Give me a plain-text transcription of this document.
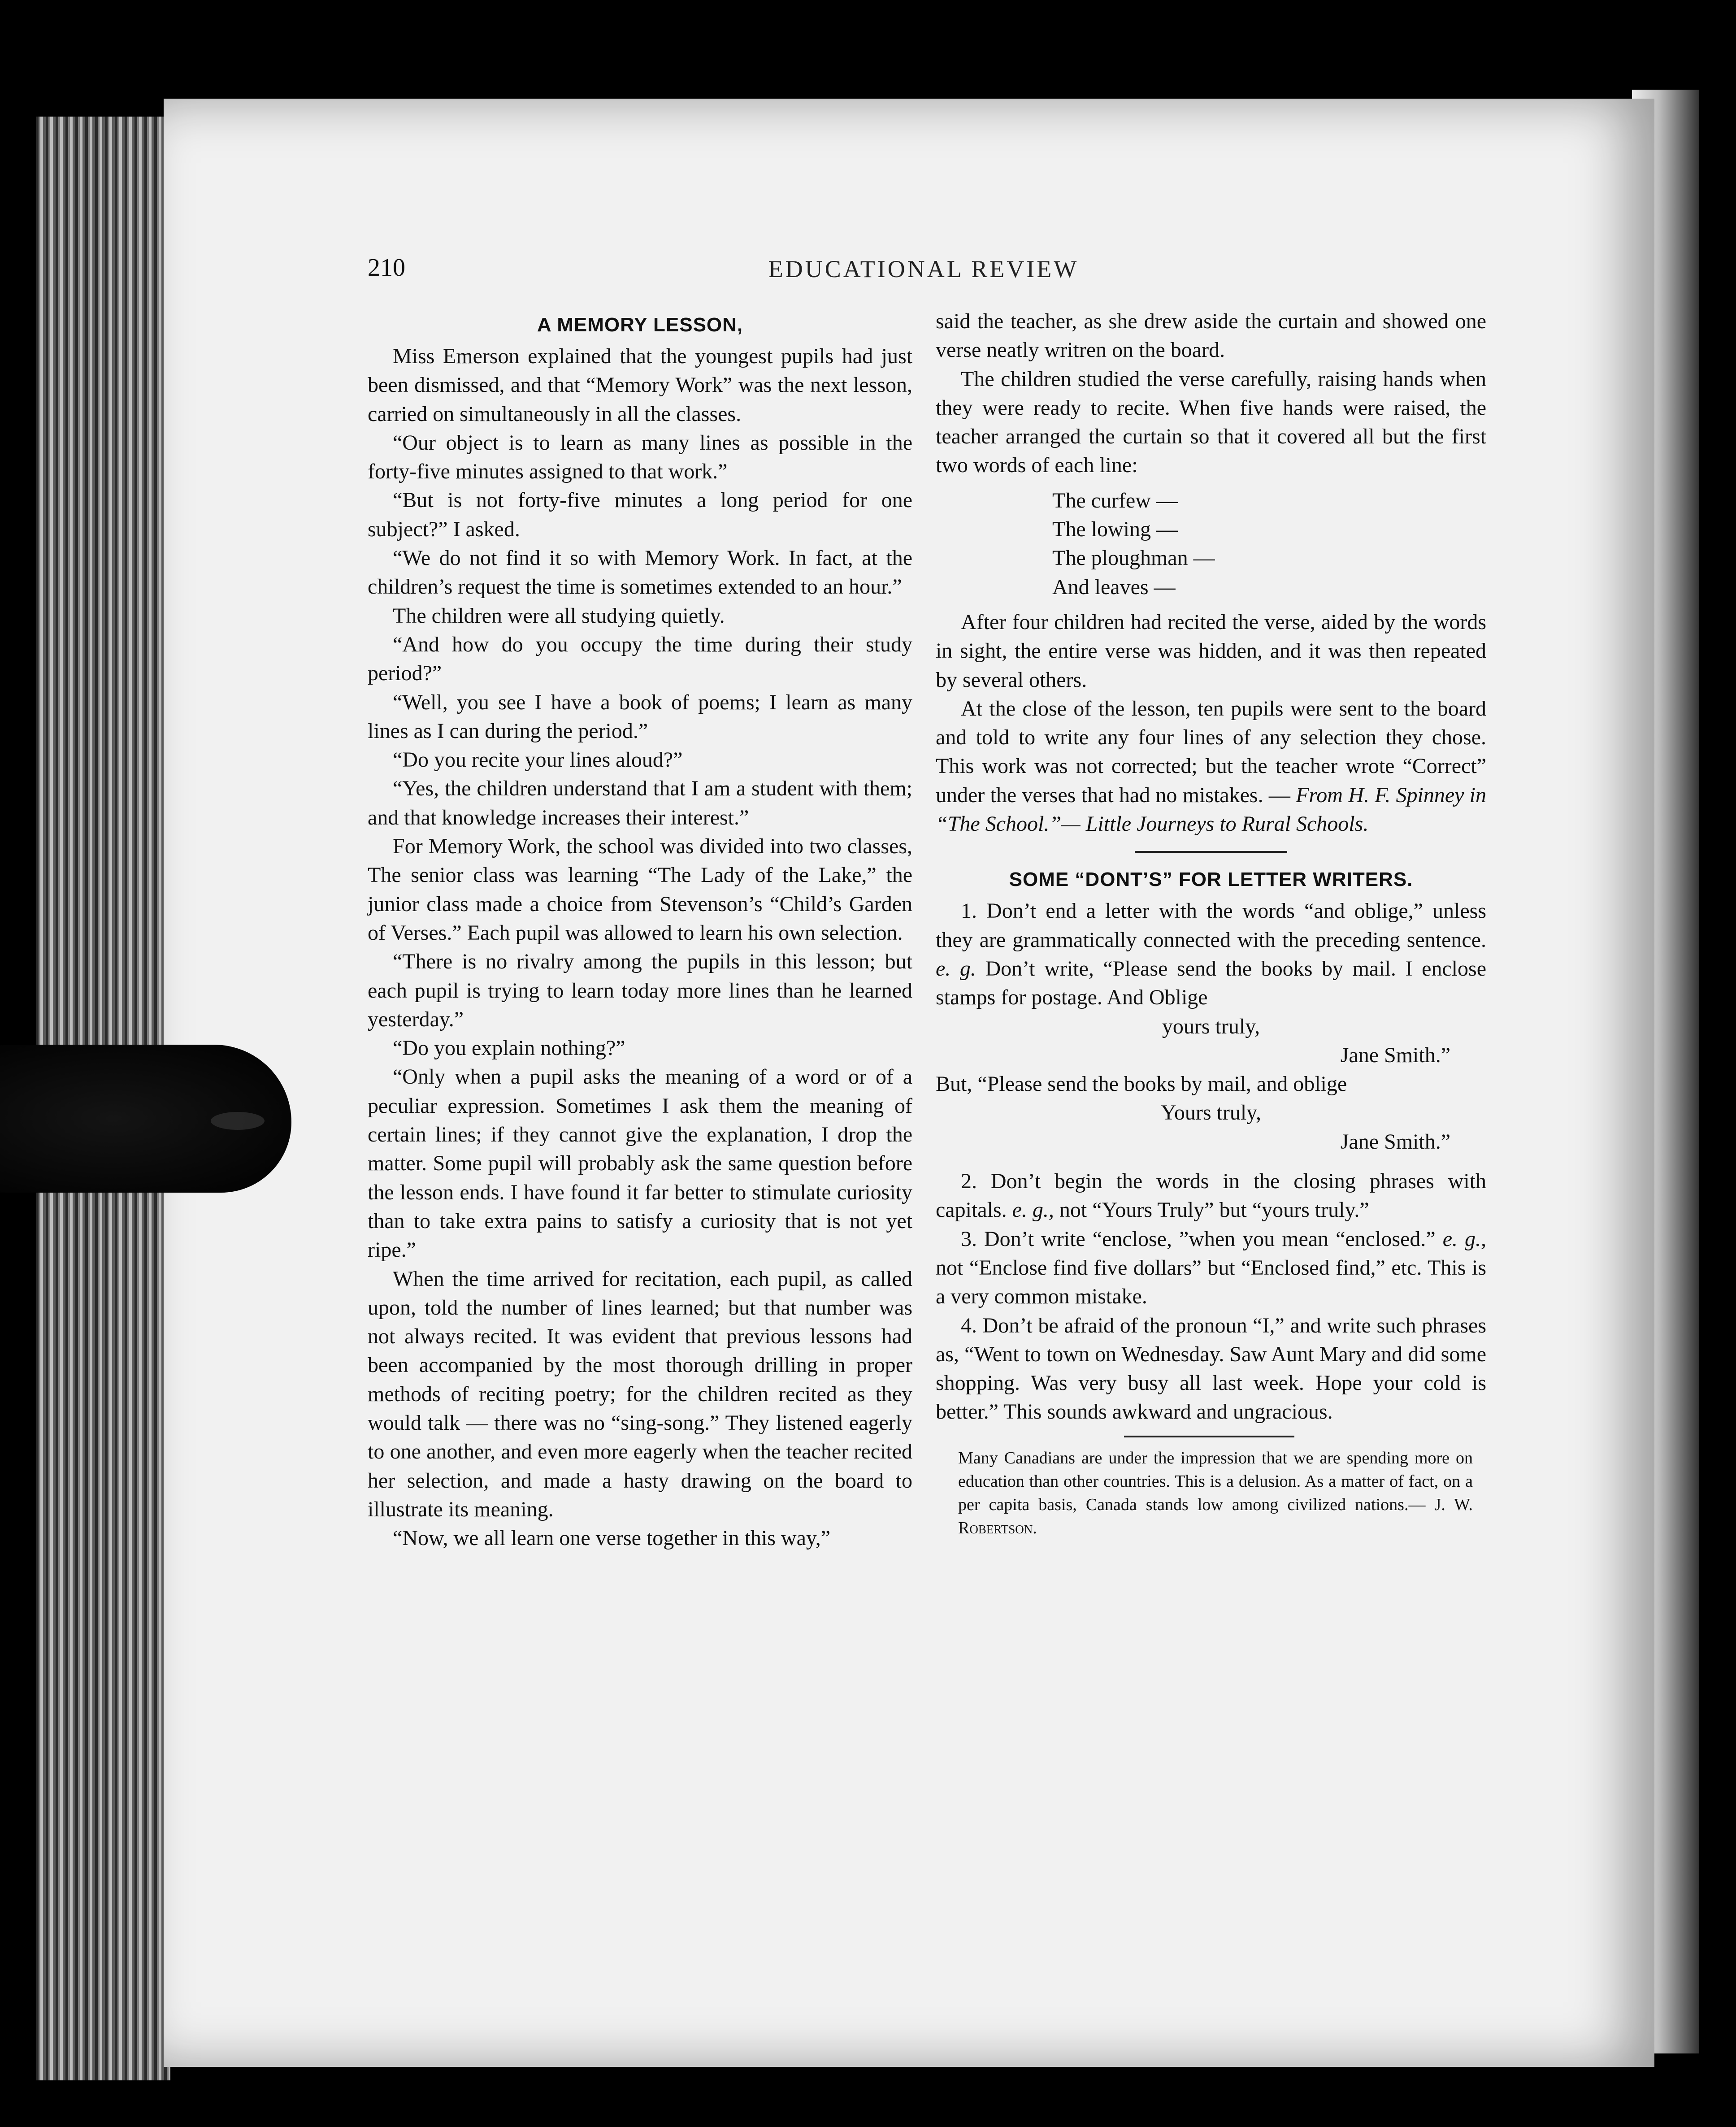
210	EDUCATIONAL REVIEW
A MEMORY LESSON,

Miss Emerson explained that the youngest pupils had just been dismissed, and that “Memory Work” was the next lesson, carried on simultaneously in all the classes.

“Our object is to learn as many lines as possible in the forty-five minutes assigned to that work.”

“But is not forty-five minutes a long period for one subject?” I asked.

“We do not find it so with Memory Work. In fact, at the children’s request the time is sometimes extended to an hour.”

The children were all studying quietly.

“And how do you occupy the time during their study period?”

“Well, you see I have a book of poems; I learn as many lines as I can during the period.”

“Do you recite your lines aloud?”

“Yes, the children understand that I am a student with them; and that knowledge increases their interest.”

For Memory Work, the school was divided into two classes, The senior class was learning “The Lady of the Lake,” the junior class made a choice from Stevenson’s “Child’s Garden of Verses.” Each pupil was allowed to learn his own selection.

“There is no rivalry among the pupils in this lesson; but each pupil is trying to learn today more lines than he learned yesterday.”

“Do you explain nothing?”

“Only when a pupil asks the meaning of a word or of a peculiar expression. Sometimes I ask them the meaning of certain lines; if they cannot give the explanation, I drop the matter. Some pupil will probably ask the same question before the lesson ends. I have found it far better to stimulate curiosity than to take extra pains to satisfy a curiosity that is not yet ripe.”

When the time arrived for recitation, each pupil, as called upon, told the number of lines learned; but that number was not always recited. It was evident that previous lessons had been accompanied by the most thorough drilling in proper methods of reciting poetry; for the children recited as they would talk — there was no “sing-song.” They listened eagerly to one another, and even more eagerly when the teacher recited her selection, and made a hasty drawing on the board to illustrate its meaning.

“Now, we all learn one verse together in this way,”

said the teacher, as she drew aside the curtain and showed one verse neatly writren on the board.

The children studied the verse carefully, raising hands when they were ready to recite. When five hands were raised, the teacher arranged the curtain so that it covered all but the first two words of each line:

The curfew —
The lowing —
The ploughman —
And leaves —

After four children had recited the verse, aided by the words in sight, the entire verse was hidden, and it was then repeated by several others.

At the close of the lesson, ten pupils were sent to the board and told to write any four lines of any selection they chose. This work was not corrected; but the teacher wrote “Correct” under the verses that had no mistakes. — From H. F. Spinney in “The School.”— Little Journeys to Rural Schools.

SOME “DONT’S” FOR LETTER WRITERS.

1. Don’t end a letter with the words “and oblige,” unless they are grammatically connected with the preceding sentence. e. g. Don’t write, “Please send the books by mail. I enclose stamps for postage. And Oblige

yours truly,
Jane Smith.”

But, “Please send the books by mail, and oblige

Yours truly,
Jane Smith.”

2. Don’t begin the words in the closing phrases with capitals. e. g., not “Yours Truly” but “yours truly.”

3. Don’t write “enclose, ”when you mean “enclosed.” e. g., not “Enclose find five dollars” but “Enclosed find,” etc. This is a very common mistake.

4. Don’t be afraid of the pronoun “I,” and write such phrases as, “Went to town on Wednesday. Saw Aunt Mary and did some shopping. Was very busy all last week. Hope your cold is better.” This sounds awkward and ungracious.

Many Canadians are under the impression that we are spending more on education than other countries. This is a delusion. As a matter of fact, on a per capita basis, Canada stands low among civilized nations.— J. W. Robertson.
